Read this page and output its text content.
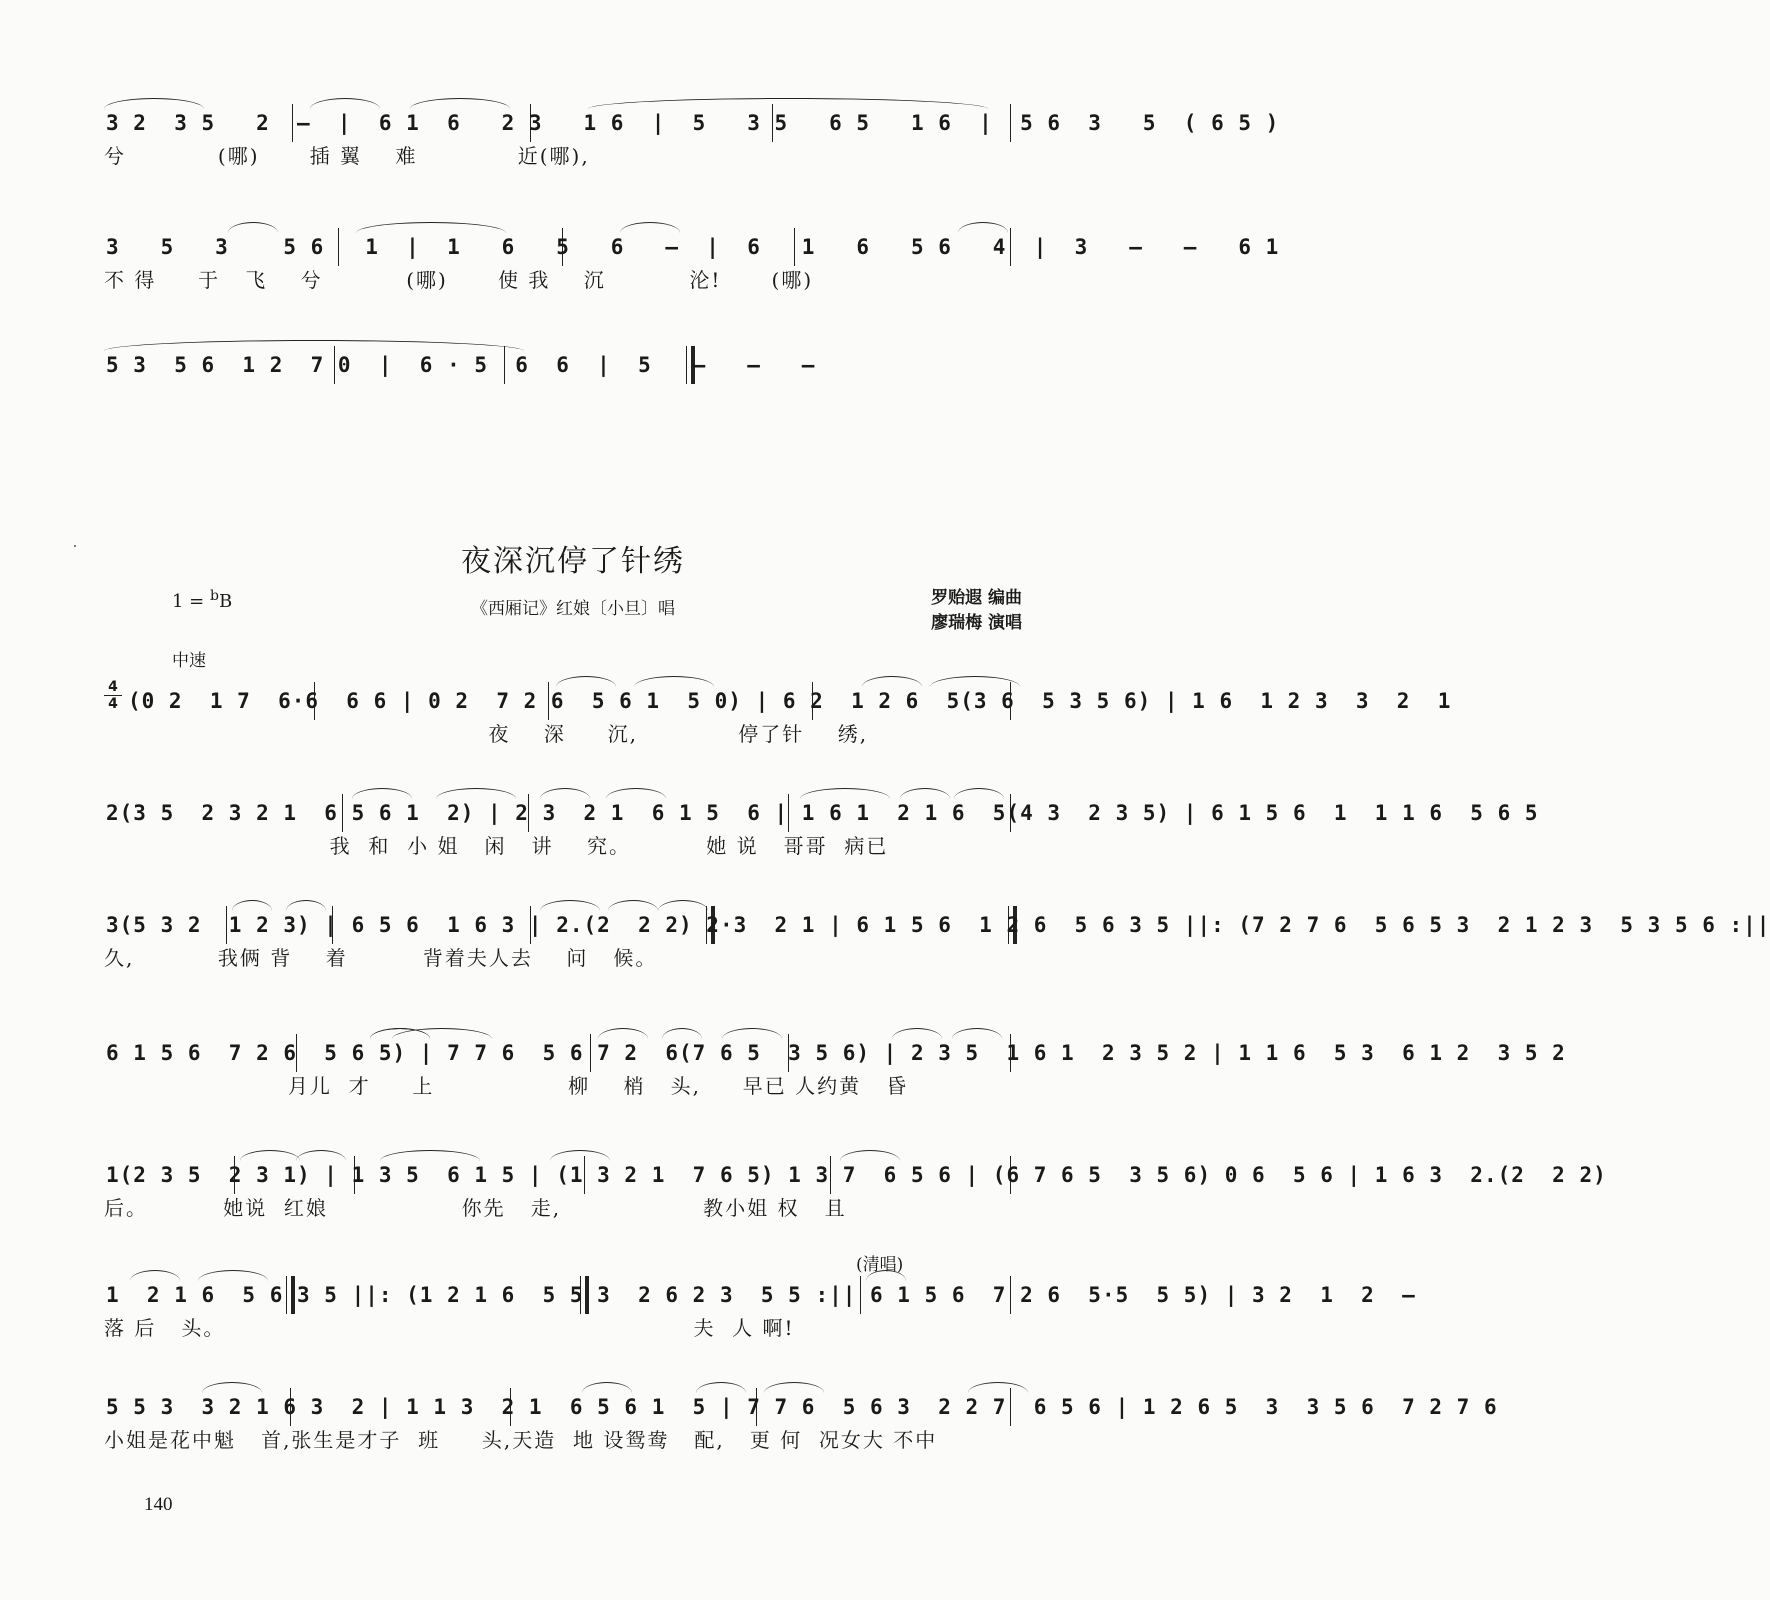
3 2  3 5   2  —  |  6 1  6   2 3   1 6  |  5   3 5   6 5   1 6  |  5 6  3   5  ( 6 5 )
兮           (哪)      插 翼    难            近(哪),
3   5   3    5 6   1  |  1   6   5   6   —  |  6   1   6   5 6   4  |  3   —   —   6 1
不 得     于   飞    兮          (哪)      使 我    沉          沦!      (哪)
5 3  5 6  1 2  7 0  |  6 · 5  6  6  |  5   —   —   —
夜深沉停了针绣
1 = $^b$B	《西厢记》红娘〔小旦〕唱
罗贻遐 编曲
廖瑞梅 演唱
中速
4
4 (0 2  1 7  6·6  6 6 | 0 2  7 2 6  5 6 1  5 0) | 6 2  1 2 6  5(3 6  5 3 5 6) | 1 6  1 2 3  3  2  1
夜    深     沉,            停了针    绣,
2(3 5  2 3 2 1  6 5 6 1  2) | 2 3  2 1  6 1 5  6 | 1 6 1  2 1 6  5(4 3  2 3 5) | 6 1 5 6  1  1 1 6  5 6 5
我  和  小 姐   闲   讲    究。         她 说   哥哥  病已
3(5 3 2  1 2 3) | 6 5 6  1 6 3 | 2.(2  2 2) 2·3  2 1 | 6 1 5 6  1 2 6  5 6 3 5 ||: (7 2 7 6  5 6 5 3  2 1 2 3  5 3 5 6 :||
久,          我俩 背    着         背着夫人去    问   候。
6 1 5 6  7 2 6  5 6 5) | 7 7 6  5 6 7 2  6(7 6 5  3 5 6) | 2 3 5  1 6 1  2 3 5 2 | 1 1 6  5 3  6 1 2  3 5 2
月儿  才     上                柳    梢   头,     早已 人约黄   昏
1(2 3 5  2 3 1) | 1 3 5  6 1 5 | (1 3 2 1  7 6 5) 1 3 7  6 5 6 | (6 7 6 5  3 5 6) 0 6  5 6 | 1 6 3  2.(2  2 2)
后。         她说  红娘                你先   走,                 教小姐 权   且
(清唱)
1  2 1 6  5 6 3 5 ||: (1 2 1 6  5 5 3  2 6 2 3  5 5 :|| 6 1 5 6  7 2 6  5·5  5 5) | 3 2  1  2  —
落 后   头。                                                        夫  人 啊!
5 5 3  3 2 1 6 3  2 | 1 1 3  2 1  6 5 6 1  5 | 7 7 6  5 6 3  2 2 7  6 5 6 | 1 2 6 5  3  3 5 6  7 2 7 6
小姐是花中魁   首,张生是才子  班     头,天造  地 设鸳鸯   配,   更 何  况女大 不中
140
